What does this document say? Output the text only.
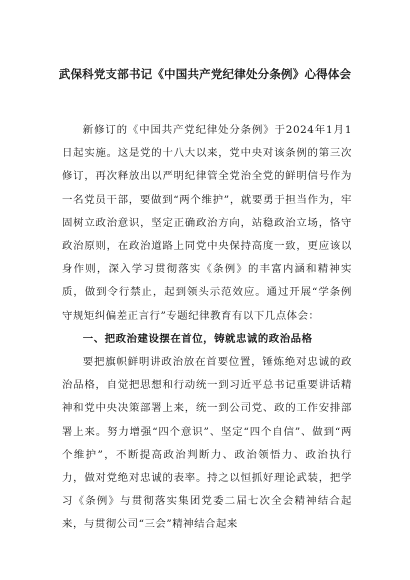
武保科党支部书记《中国共产党纪律处分条例》心得体会

新修订的《中国共产党纪律处分条例》于2024年1月1日起实施。这是党的十八大以来，党中央对该条例的第三次修订，再次释放出以严明纪律管全党治全党的鲜明信号作为一名党员干部，要做到“两个维护”，就要勇于担当作为，牢固树立政治意识，坚定正确政治方向，站稳政治立场，恪守政治原则，在政治道路上同党中央保持高度一致，更应该以身作则，深入学习贯彻落实《条例》的丰富内涵和精神实质，做到令行禁止，起到领头示范效应。通过开展“学条例守规矩纠偏差正言行”专题纪律教育有以下几点体会：

一、把政治建设摆在首位，铸就忠诚的政治品格

要把旗帜鲜明讲政治放在首要位置，锤炼绝对忠诚的政治品格，自觉把思想和行动统一到习近平总书记重要讲话精神和党中央决策部署上来，统一到公司党、政的工作安排部署上来。努力增强“四个意识”、坚定“四个自信”、做到“两个维护”，不断提高政治判断力、政治领悟力、政治执行力，做对党绝对忠诚的表率。持之以恒抓好理论武装，把学习《条例》与贯彻落实集团党委二届七次全会精神结合起来，与贯彻公司“三会”精神结合起来
